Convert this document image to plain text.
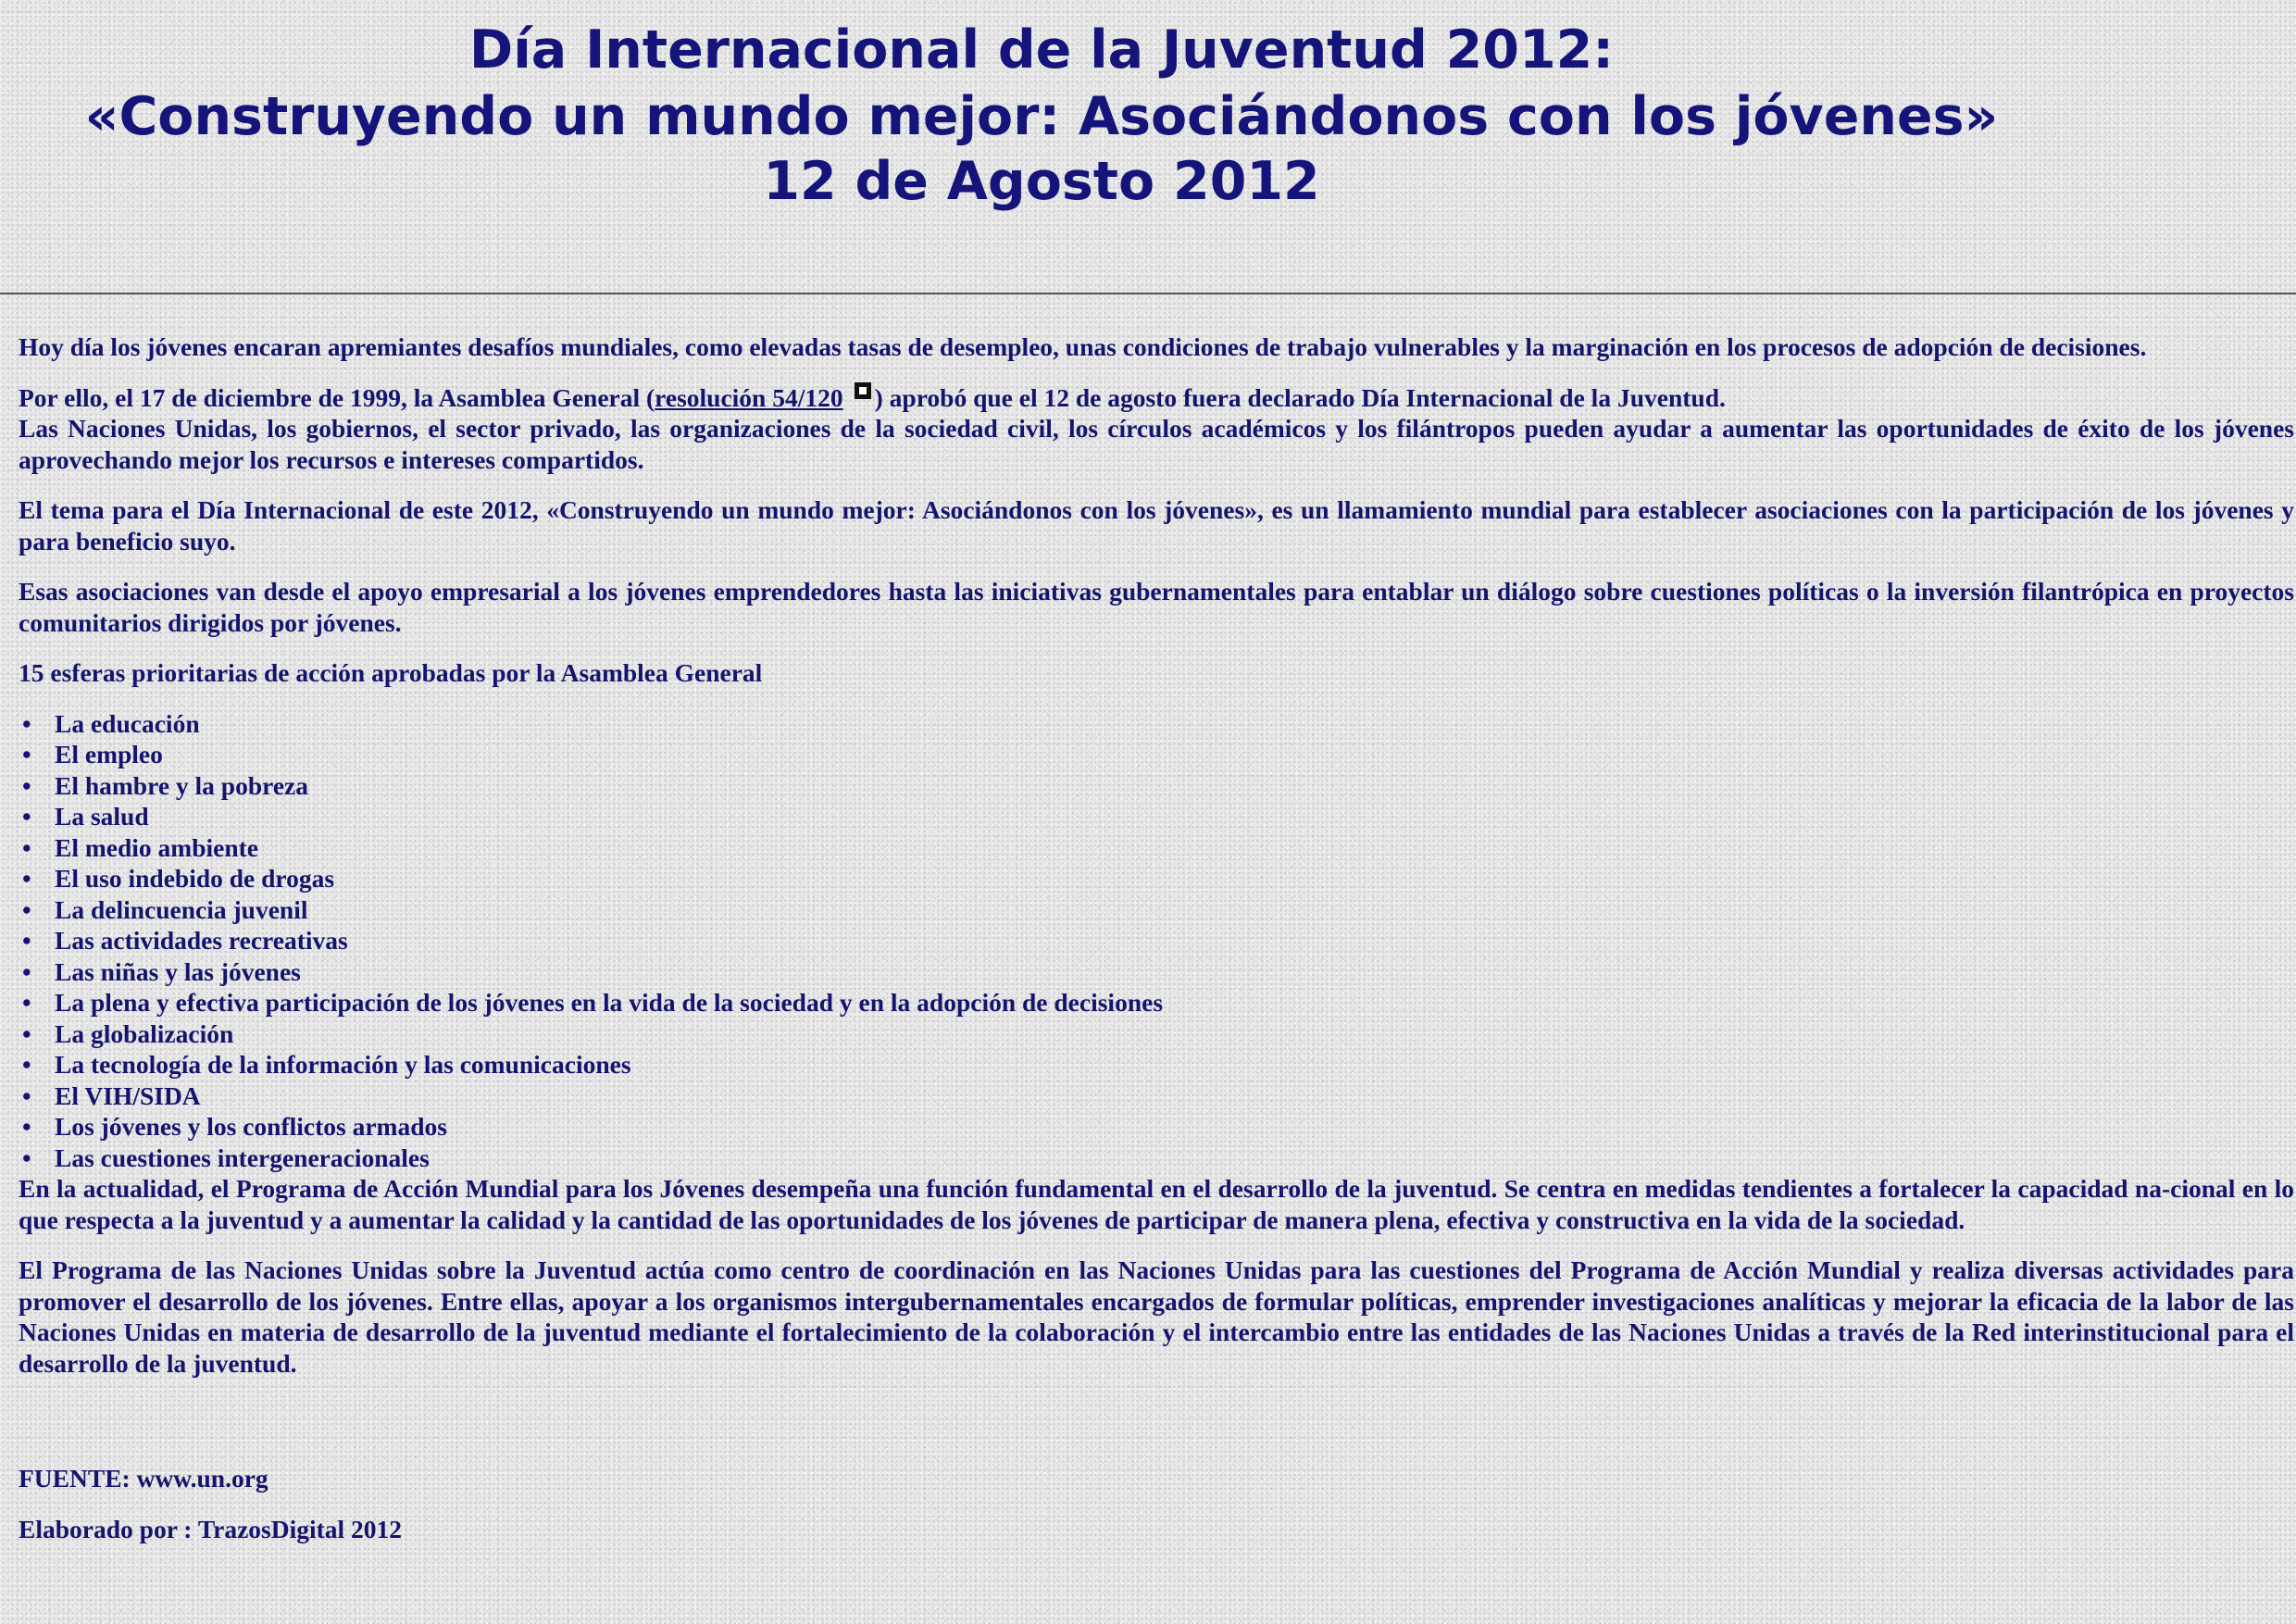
Día Internacional de la Juventud 2012:
«Construyendo un mundo mejor: Asociándonos con los jóvenes»
12 de Agosto 2012

Hoy día los jóvenes encaran apremiantes desafíos mundiales, como elevadas tasas de desempleo, unas condiciones de trabajo vulnerables y la marginación en los procesos de adopción de decisiones.

Por ello, el 17 de diciembre de 1999, la Asamblea General (resolución 54/120 ) aprobó que el 12 de agosto fuera declarado Día Internacional de la Juventud.
Las Naciones Unidas, los gobiernos, el sector privado, las organizaciones de la sociedad civil, los círculos académicos y los filántropos pueden ayudar a aumentar las oportunidades de éxito de los jóvenes aprovechando mejor los recursos e intereses compartidos.

El tema para el Día Internacional de este 2012, «Construyendo un mundo mejor: Asociándonos con los jóvenes», es un llamamiento mundial para establecer asociaciones con la participación de los jóvenes y para beneficio suyo.

Esas asociaciones van desde el apoyo empresarial a los jóvenes emprendedores hasta las iniciativas gubernamentales para entablar un diálogo sobre cuestiones políticas o la inversión filantrópica en proyectos comunitarios dirigidos por jóvenes.

15 esferas prioritarias de acción aprobadas por la Asamblea General

• La educación
• El empleo
• El hambre y la pobreza
• La salud
• El medio ambiente
• El uso indebido de drogas
• La delincuencia juvenil
• Las actividades recreativas
• Las niñas y las jóvenes
• La plena y efectiva participación de los jóvenes en la vida de la sociedad y en la adopción de decisiones
• La globalización
• La tecnología de la información y las comunicaciones
• El VIH/SIDA
• Los jóvenes y los conflictos armados
• Las cuestiones intergeneracionales

En la actualidad, el Programa de Acción Mundial para los Jóvenes desempeña una función fundamental en el desarrollo de la juventud. Se centra en medidas tendientes a fortalecer la capacidad na-cional en lo que respecta a la juventud y a aumentar la calidad y la cantidad de las oportunidades de los jóvenes de participar de manera plena, efectiva y constructiva en la vida de la sociedad.

El Programa de las Naciones Unidas sobre la Juventud actúa como centro de coordinación en las Naciones Unidas para las cuestiones del Programa de Acción Mundial y realiza diversas actividades para promover el desarrollo de los jóvenes. Entre ellas, apoyar a los organismos intergubernamentales encargados de formular políticas, emprender investigaciones analíticas y mejorar la eficacia de la labor de las Naciones Unidas en materia de desarrollo de la juventud mediante el fortalecimiento de la colaboración y el intercambio entre las entidades de las Naciones Unidas a través de la Red interinstitucional para el desarrollo de la juventud.

FUENTE: www.un.org

Elaborado por : TrazosDigital 2012
